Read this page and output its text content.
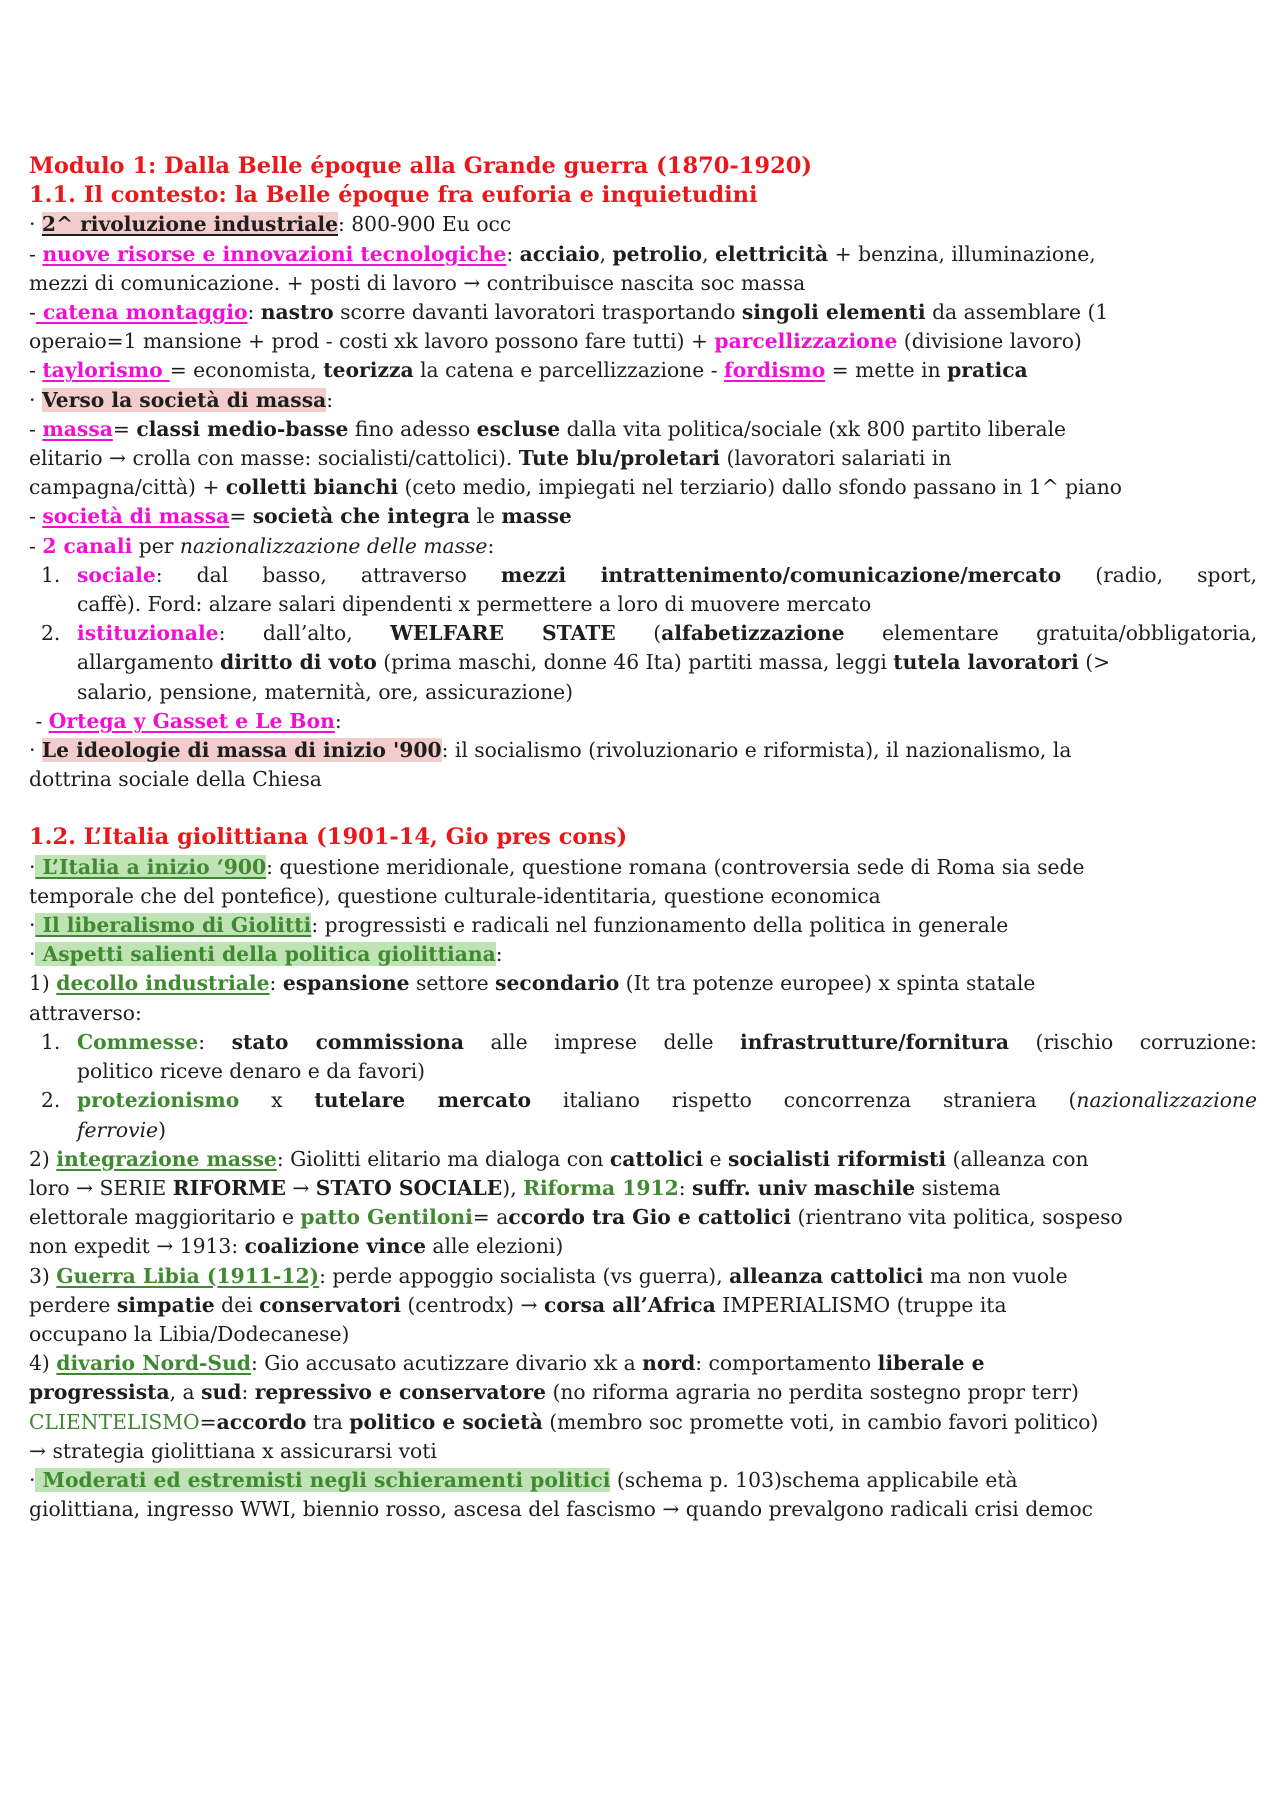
Modulo 1: Dalla Belle époque alla Grande guerra (1870-1920)
1.1. Il contesto: la Belle époque fra euforia e inquietudini
· 2^ rivoluzione industriale: 800-900 Eu occ
- nuove risorse e innovazioni tecnologiche: acciaio, petrolio, elettricità + benzina, illuminazione,
mezzi di comunicazione. + posti di lavoro → contribuisce nascita soc massa
- catena montaggio: nastro scorre davanti lavoratori trasportando singoli elementi da assemblare (1
operaio=1 mansione + prod - costi xk lavoro possono fare tutti) + parcellizzazione (divisione lavoro)
- taylorismo = economista, teorizza la catena e parcellizzazione - fordismo = mette in pratica
· Verso la società di massa:
- massa= classi medio-basse fino adesso escluse dalla vita politica/sociale (xk 800 partito liberale
elitario → crolla con masse: socialisti/cattolici). Tute blu/proletari (lavoratori salariati in
campagna/città) + colletti bianchi (ceto medio, impiegati nel terziario) dallo sfondo passano in 1^ piano
- società di massa= società che integra le masse
- 2 canali per nazionalizzazione delle masse:
1. sociale: dal basso, attraverso mezzi intrattenimento/comunicazione/mercato (radio, sport,
caffè). Ford: alzare salari dipendenti x permettere a loro di muovere mercato
2. istituzionale: dall’alto, WELFARE STATE (alfabetizzazione elementare gratuita/obbligatoria,
allargamento diritto di voto (prima maschi, donne 46 Ita) partiti massa, leggi tutela lavoratori (>
salario, pensione, maternità, ore, assicurazione)
- Ortega y Gasset e Le Bon:
· Le ideologie di massa di inizio '900: il socialismo (rivoluzionario e riformista), il nazionalismo, la
dottrina sociale della Chiesa
1.2. L’Italia giolittiana (1901-14, Gio pres cons)
· L’Italia a inizio ‘900: questione meridionale, questione romana (controversia sede di Roma sia sede
temporale che del pontefice), questione culturale-identitaria, questione economica
· Il liberalismo di Giolitti: progressisti e radicali nel funzionamento della politica in generale
· Aspetti salienti della politica giolittiana:
1) decollo industriale: espansione settore secondario (It tra potenze europee) x spinta statale
attraverso:
1. Commesse: stato commissiona alle imprese delle infrastrutture/fornitura (rischio corruzione:
politico riceve denaro e da favori)
2. protezionismo x tutelare mercato italiano rispetto concorrenza straniera (nazionalizzazione
ferrovie)
2) integrazione masse: Giolitti elitario ma dialoga con cattolici e socialisti riformisti (alleanza con
loro → SERIE RIFORME → STATO SOCIALE), Riforma 1912: suffr. univ maschile sistema
elettorale maggioritario e patto Gentiloni= accordo tra Gio e cattolici (rientrano vita politica, sospeso
non expedit → 1913: coalizione vince alle elezioni)
3) Guerra Libia (1911-12): perde appoggio socialista (vs guerra), alleanza cattolici ma non vuole
perdere simpatie dei conservatori (centrodx) → corsa all’Africa IMPERIALISMO (truppe ita
occupano la Libia/Dodecanese)
4) divario Nord-Sud: Gio accusato acutizzare divario xk a nord: comportamento liberale e
progressista, a sud: repressivo e conservatore (no riforma agraria no perdita sostegno propr terr)
CLIENTELISMO=accordo tra politico e società (membro soc promette voti, in cambio favori politico)
→ strategia giolittiana x assicurarsi voti
· Moderati ed estremisti negli schieramenti politici (schema p. 103)schema applicabile età
giolittiana, ingresso WWI, biennio rosso, ascesa del fascismo → quando prevalgono radicali crisi democ
